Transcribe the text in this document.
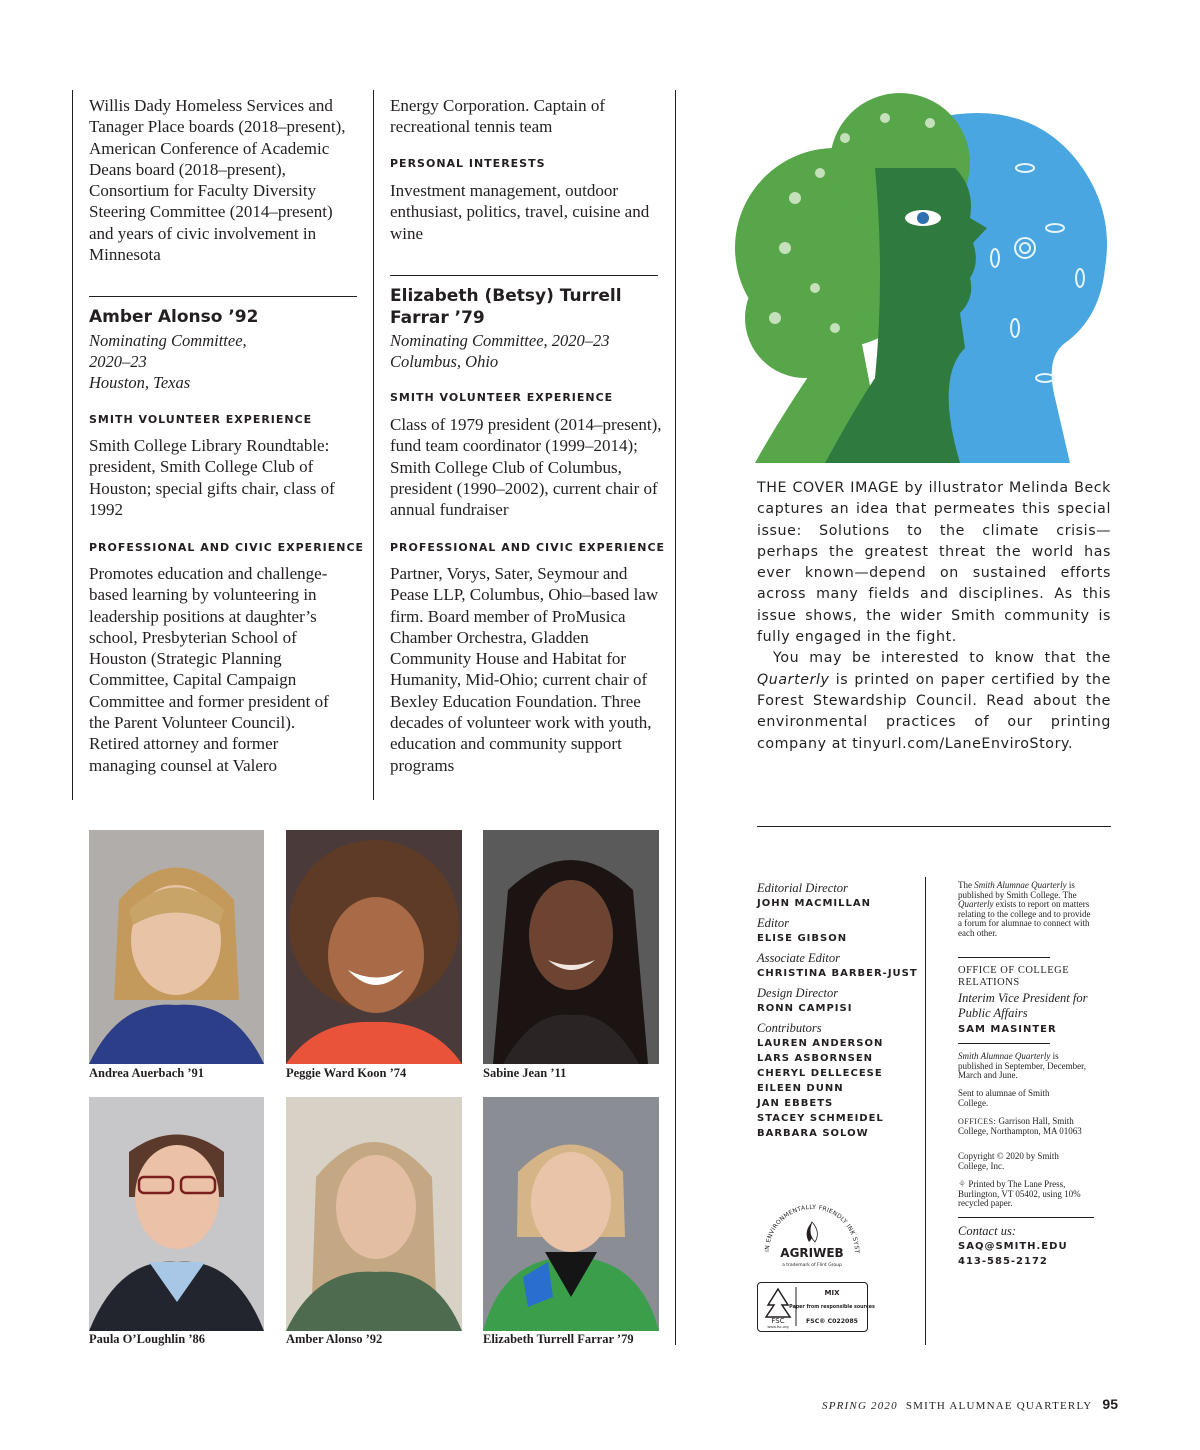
Willis Dady Homeless Services and Tanager Place boards (2018–present), American Conference of Academic Deans board (2018–present), Consortium for Faculty Diversity Steering Committee (2014–present) and years of civic involvement in Minnesota
Amber Alonso ’92
Nominating Committee,
2020–23
Houston, Texas
SMITH VOLUNTEER EXPERIENCE
Smith College Library Roundtable: president, Smith College Club of Houston; special gifts chair, class of 1992
PROFESSIONAL AND CIVIC EXPERIENCE
Promotes education and challenge-based learning by volunteering in leadership positions at daughter’s school, Presbyterian School of Houston (Strategic Planning Committee, Capital Campaign Committee and former president of the Parent Volunteer Council). Retired attorney and former managing counsel at Valero
Energy Corporation. Captain of recreational tennis team
PERSONAL INTERESTS
Investment management, outdoor enthusiast, politics, travel, cuisine and wine
Elizabeth (Betsy) Turrell
Farrar ’79
Nominating Committee, 2020–23
Columbus, Ohio
SMITH VOLUNTEER EXPERIENCE
Class of 1979 president (2014–present), fund team coordinator (1999–2014); Smith College Club of Columbus, president (1990–2002), current chair of annual fundraiser
PROFESSIONAL AND CIVIC EXPERIENCE
Partner, Vorys, Sater, Seymour and Pease LLP, Columbus, Ohio–based law firm. Board member of ProMusica Chamber Orchestra, Gladden Community House and Habitat for Humanity, Mid-Ohio; current chair of Bexley Education Foundation. Three decades of volunteer work with youth, education and community support programs
Andrea Auerbach ’91	Peggie Ward Koon ’74	Sabine Jean ’11
Paula O’Loughlin ’86	Amber Alonso ’92	Elizabeth Turrell Farrar ’79
THE COVER IMAGE by illustrator Melinda Beck captures an idea that permeates this special issue: Solutions to the climate crisis—perhaps the greatest threat the world has ever known—depend on sustained efforts across many fields and disciplines. As this issue shows, the wider Smith community is fully engaged in the fight.
You may be interested to know that the Quarterly is printed on paper certified by the Forest Stewardship Council. Read about the environmental practices of our printing company at tinyurl.com/LaneEnviroStory.
Editorial Director
JOHN MACMILLAN
Editor
ELISE GIBSON
Associate Editor
CHRISTINA BARBER-JUST
Design Director
RONN CAMPISI
Contributors
LAUREN ANDERSON
LARS ASBORNSEN
CHERYL DELLECESE
EILEEN DUNN
JAN EBBETS
STACEY SCHMEIDEL
BARBARA SOLOW
IN ENVIRONMENTALLY FRIENDLY INK SYST
AGRIWEB
a trademark of Flint Group
FSC
www.fsc.org
MIX
Paper from responsible sources
FSC® C022085
The Smith Alumnae Quarterly is published by Smith College. The Quarterly exists to report on matters relating to the college and to provide a forum for alumnae to connect with each other.
OFFICE OF COLLEGE RELATIONS
Interim Vice President for Public Affairs
SAM MASINTER
Smith Alumnae Quarterly is published in September, December, March and June.
Sent to alumnae of Smith College.
OFFICES: Garrison Hall, Smith College, Northampton, MA 01063
Copyright © 2020 by Smith College, Inc.
⚘ Printed by The Lane Press, Burlington, VT 05402, using 10% recycled paper.
Contact us:
SAQ@SMITH.EDU
413-585-2172
SPRING 2020 SMITH ALUMNAE QUARTERLY 95
